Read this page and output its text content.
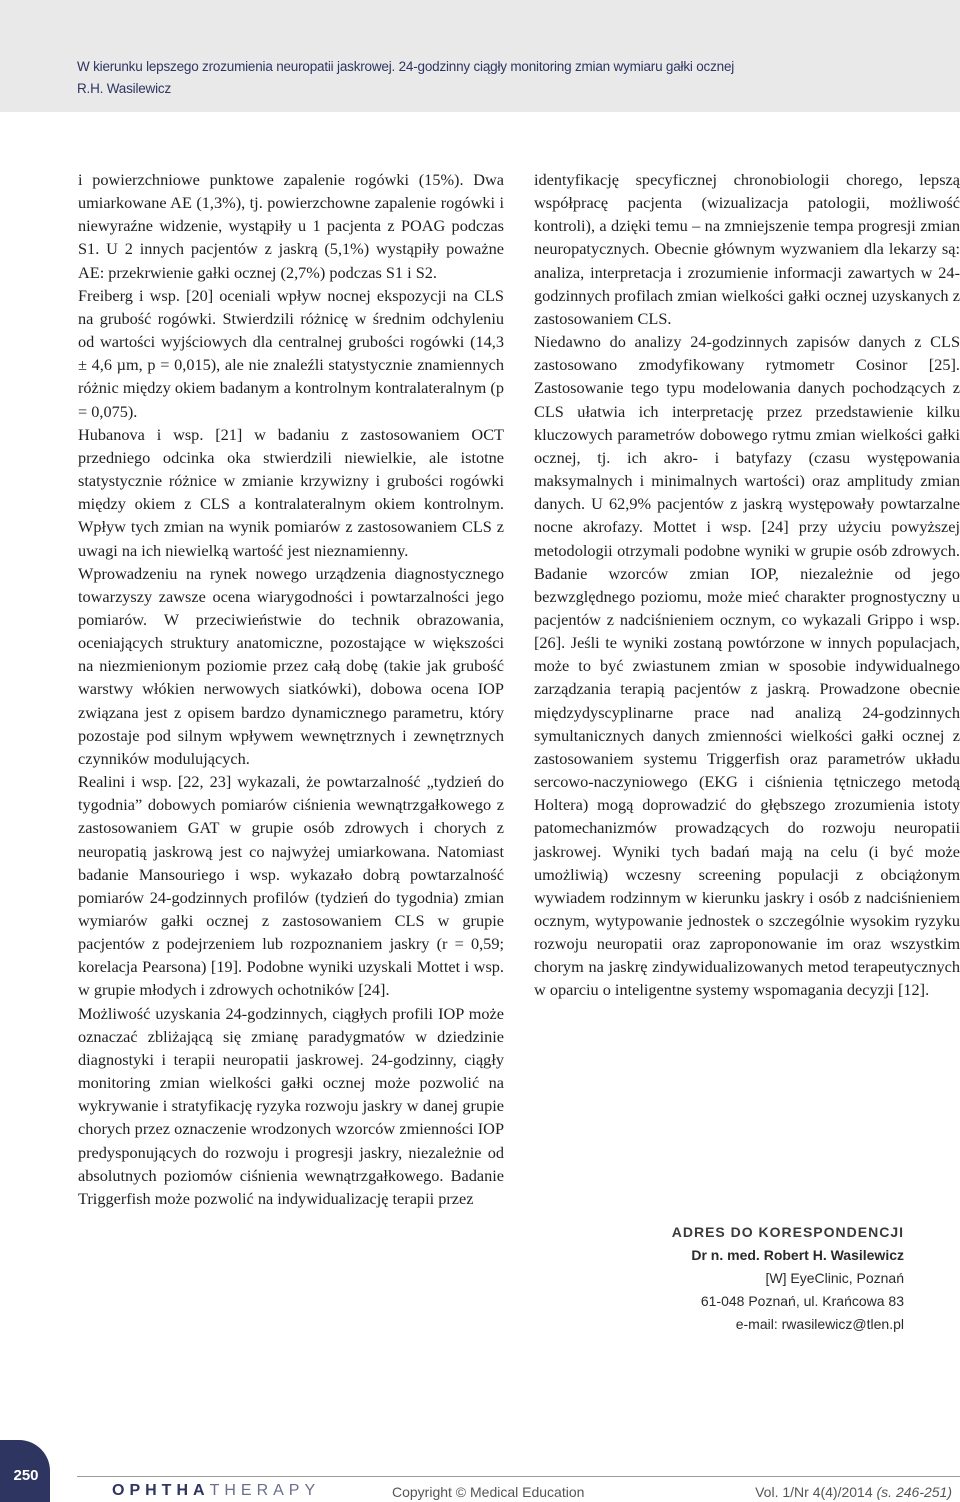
W kierunku lepszego zrozumienia neuropatii jaskrowej. 24-godzinny ciągły monitoring zmian wymiaru gałki ocznej
R.H. Wasilewicz

i powierzchniowe punktowe zapalenie rogówki (15%). Dwa umiarkowane AE (1,3%), tj. powierzchowne zapalenie rogówki i niewyraźne widzenie, wystąpiły u 1 pacjenta z POAG podczas S1. U 2 innych pacjentów z jaskrą (5,1%) wystąpiły poważne AE: przekrwienie gałki ocznej (2,7%) podczas S1 i S2.

Freiberg i wsp. [20] oceniali wpływ nocnej ekspozycji na CLS na grubość rogówki. Stwierdzili różnicę w średnim odchyleniu od wartości wyjściowych dla centralnej grubości rogówki (14,3 ± 4,6 µm, p = 0,015), ale nie znaleźli statystycznie znamiennych różnic między okiem badanym a kontrolnym kontralateralnym (p = 0,075).

Hubanova i wsp. [21] w badaniu z zastosowaniem OCT przedniego odcinka oka stwierdzili niewielkie, ale istotne statystycznie różnice w zmianie krzywizny i grubości rogówki między okiem z CLS a kontralateralnym okiem kontrolnym. Wpływ tych zmian na wynik pomiarów z zastosowaniem CLS z uwagi na ich niewielką wartość jest nieznamienny.

Wprowadzeniu na rynek nowego urządzenia diagnostycznego towarzyszy zawsze ocena wiarygodności i powtarzalności jego pomiarów. W przeciwieństwie do technik obrazowania, oceniających struktury anatomiczne, pozostające w większości na niezmienionym poziomie przez całą dobę (takie jak grubość warstwy włókien nerwowych siatkówki), dobowa ocena IOP związana jest z opisem bardzo dynamicznego parametru, który pozostaje pod silnym wpływem wewnętrznych i zewnętrznych czynników modulujących.

Realini i wsp. [22, 23] wykazali, że powtarzalność „tydzień do tygodnia” dobowych pomiarów ciśnienia wewnątrzgałkowego z zastosowaniem GAT w grupie osób zdrowych i chorych z neuropatią jaskrową jest co najwyżej umiarkowana. Natomiast badanie Mansouriego i wsp. wykazało dobrą powtarzalność pomiarów 24-godzinnych profilów (tydzień do tygodnia) zmian wymiarów gałki ocznej z zastosowaniem CLS w grupie pacjentów z podejrzeniem lub rozpoznaniem jaskry (r = 0,59; korelacja Pearsona) [19]. Podobne wyniki uzyskali Mottet i wsp. w grupie młodych i zdrowych ochotników [24].

Możliwość uzyskania 24-godzinnych, ciągłych profili IOP może oznaczać zbliżającą się zmianę paradygmatów w dziedzinie diagnostyki i terapii neuropatii jaskrowej. 24-godzinny, ciągły monitoring zmian wielkości gałki ocznej może pozwolić na wykrywanie i stratyfikację ryzyka rozwoju jaskry w danej grupie chorych przez oznaczenie wrodzonych wzorców zmienności IOP predysponujących do rozwoju i progresji jaskry, niezależnie od absolutnych poziomów ciśnienia wewnątrzgałkowego. Badanie Triggerfish może pozwolić na indywidualizację terapii przez

identyfikację specyficznej chronobiologii chorego, lepszą współpracę pacjenta (wizualizacja patologii, możliwość kontroli), a dzięki temu – na zmniejszenie tempa progresji zmian neuropatycznych. Obecnie głównym wyzwaniem dla lekarzy są: analiza, interpretacja i zrozumienie informacji zawartych w 24-godzinnych profilach zmian wielkości gałki ocznej uzyskanych z zastosowaniem CLS.

Niedawno do analizy 24-godzinnych zapisów danych z CLS zastosowano zmodyfikowany rytmometr Cosinor [25]. Zastosowanie tego typu modelowania danych pochodzących z CLS ułatwia ich interpretację przez przedstawienie kilku kluczowych parametrów dobowego rytmu zmian wielkości gałki ocznej, tj. ich akro- i batyfazy (czasu występowania maksymalnych i minimalnych wartości) oraz amplitudy zmian danych. U 62,9% pacjentów z jaskrą występowały powtarzalne nocne akrofazy. Mottet i wsp. [24] przy użyciu powyższej metodologii otrzymali podobne wyniki w grupie osób zdrowych. Badanie wzorców zmian IOP, niezależnie od jego bezwzględnego poziomu, może mieć charakter prognostyczny u pacjentów z nadciśnieniem ocznym, co wykazali Grippo i wsp. [26]. Jeśli te wyniki zostaną powtórzone w innych populacjach, może to być zwiastunem zmian w sposobie indywidualnego zarządzania terapią pacjentów z jaskrą. Prowadzone obecnie międzydyscyplinarne prace nad analizą 24-godzinnych symultanicznych danych zmienności wielkości gałki ocznej z zastosowaniem systemu Triggerfish oraz parametrów układu sercowo-naczyniowego (EKG i ciśnienia tętniczego metodą Holtera) mogą doprowadzić do głębszego zrozumienia istoty patomechanizmów prowadzących do rozwoju neuropatii jaskrowej. Wyniki tych badań mają na celu (i być może umożliwią) wczesny screening populacji z obciążonym wywiadem rodzinnym w kierunku jaskry i osób z nadciśnieniem ocznym, wytypowanie jednostek o szczególnie wysokim ryzyku rozwoju neuropatii oraz zaproponowanie im oraz wszystkim chorym na jaskrę zindywidualizowanych metod terapeutycznych w oparciu o inteligentne systemy wspomagania decyzji [12].

ADRES DO KORESPONDENCJI
Dr n. med. Robert H. Wasilewicz
[W] EyeClinic, Poznań
61-048 Poznań, ul. Krańcowa 83
e-mail: rwasilewicz@tlen.pl
250
OPHTHATHERAPY	Copyright © Medical Education	Vol. 1/Nr 4(4)/2014 (s. 246-251)
